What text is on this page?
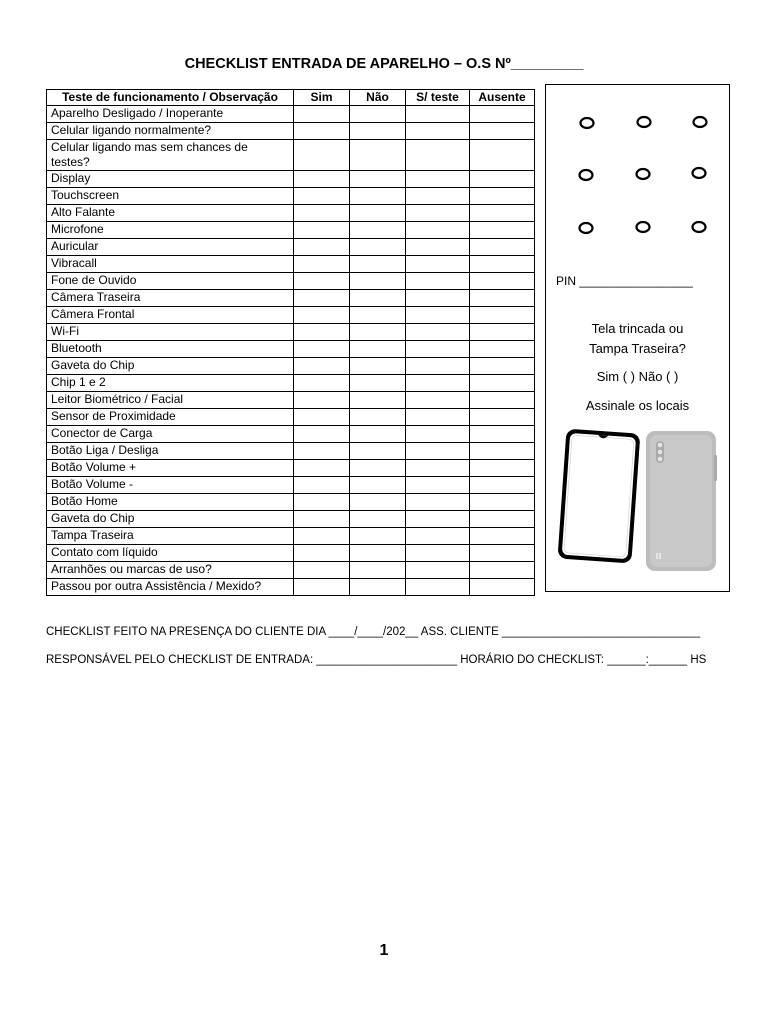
CHECKLIST ENTRADA DE APARELHO – O.S Nº_________
Teste de funcionamento / Observação	Sim	Não	S/ teste	Ausente
Aparelho Desligado / Inoperante				
Celular ligando normalmente?				
Celular ligando mas sem chances de testes?				
Display				
Touchscreen				
Alto Falante				
Microfone				
Auricular				
Vibracall				
Fone de Ouvido				
Câmera Traseira				
Câmera Frontal				
Wi-Fi				
Bluetooth				
Gaveta do Chip				
Chip 1 e 2				
Leitor Biométrico / Facial				
Sensor de Proximidade				
Conector de Carga				
Botão Liga / Desliga				
Botão Volume +				
Botão Volume -				
Botão Home				
Gaveta do Chip				
Tampa Traseira				
Contato com líquido				
Arranhões ou marcas de uso?				
Passou por outra Assistência / Mexido?				
PIN _________________
Tela trincada ou
Tampa Traseira?
Sim ( ) Não ( )
Assinale os locais
CHECKLIST FEITO NA PRESENÇA DO CLIENTE DIA ____/____/202__ ASS. CLIENTE _______________________________
RESPONSÁVEL PELO CHECKLIST DE ENTRADA: ______________________ HORÁRIO DO CHECKLIST: ______:______ HS
1
